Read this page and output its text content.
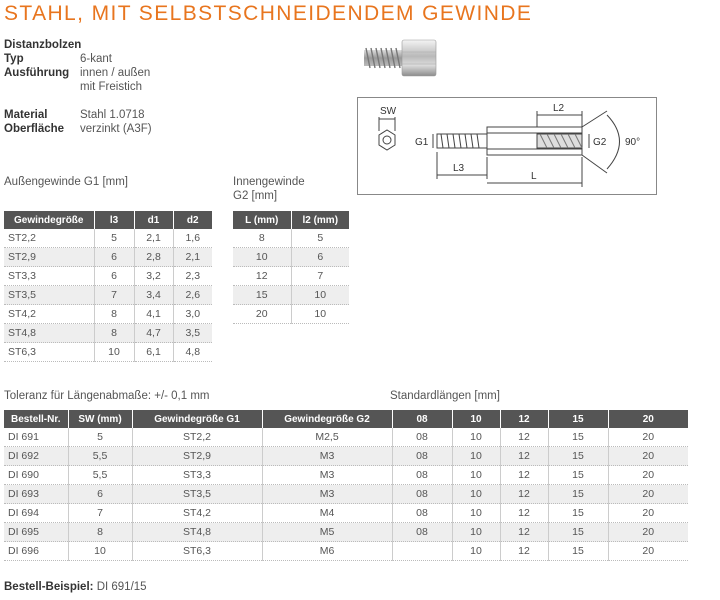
STAHL, MIT SELBSTSCHNEIDENDEM GEWINDE
Distanzbolzen
Typ	6-kant
Ausführung innen / außen
mit Freistich
Material	Stahl 1.0718
Oberfläche verzinkt (A3F)
SW
G1
L2
L3
L
G2 90°
Außengewinde G1 [mm]	Innengewinde
G2 [mm]
Gewindegröße	l3	d1	d2
ST2,2	5	2,1	1,6
ST2,9	6	2,8	2,1
ST3,3	6	3,2	2,3
ST3,5	7	3,4	2,6
ST4,2	8	4,1	3,0
ST4,8	8	4,7	3,5
ST6,3	10	6,1	4,8
L (mm)	l2 (mm)
8	5
10	6
12	7
15	10
20	10
Toleranz für Längenabmaße: +/- 0,1 mm	Standardlängen [mm]
Bestell-Nr.	SW (mm)	Gewindegröße G1	Gewindegröße G2	08	10	12	15	20
DI 691	5	ST2,2	M2,5	08	10	12	15	20
DI 692	5,5	ST2,9	M3	08	10	12	15	20
DI 690	5,5	ST3,3	M3	08	10	12	15	20
DI 693	6	ST3,5	M3	08	10	12	15	20
DI 694	7	ST4,2	M4	08	10	12	15	20
DI 695	8	ST4,8	M5	08	10	12	15	20
DI 696	10	ST6,3	M6		10	12	15	20
Bestell-Beispiel: DI 691/15
